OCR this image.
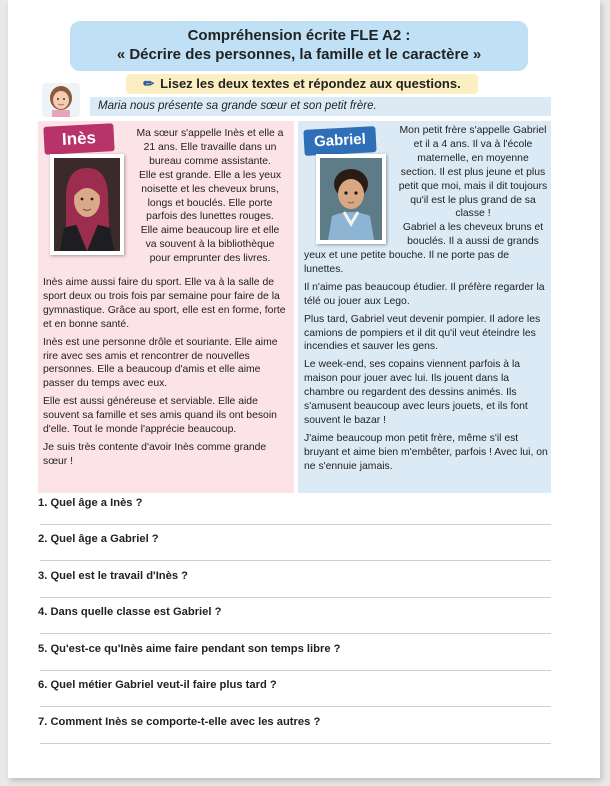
Compréhension écrite FLE A2 :
« Décrire des personnes, la famille et le caractère »
✏ Lisez les deux textes et répondez aux questions.
Maria nous présente sa grande sœur et son petit frère.
Inès	Ma sœur s'appelle Inès et elle a
21 ans. Elle travaille dans un
bureau comme assistante.
Elle est grande. Elle a les yeux
noisette et les cheveux bruns,
longs et bouclés. Elle porte
parfois des lunettes rouges.
Elle aime beaucoup lire et elle
va souvent à la bibliothèque
pour emprunter des livres.

Inès aime aussi faire du sport. Elle va à la salle de sport deux ou trois fois par semaine pour faire de la gymnastique. Grâce au sport, elle est en forme, forte et en bonne santé.

Inès est une personne drôle et souriante. Elle aime rire avec ses amis et rencontrer de nouvelles personnes. Elle a beaucoup d'amis et elle aime passer du temps avec eux.

Elle est aussi généreuse et serviable. Elle aide souvent sa famille et ses amis quand ils ont besoin d'elle. Tout le monde l'apprécie beaucoup.

Je suis très contente d'avoir Inès comme grande sœur !

Gabriel
Mon petit frère s'appelle Gabriel
et il a 4 ans. Il va à l'école
maternelle, en moyenne
section. Il est plus jeune et plus
petit que moi, mais il dit toujours
qu'il est le plus grand de sa
classe !
Gabriel a les cheveux bruns et
bouclés. Il a aussi de grands

yeux et une petite bouche. Il ne porte pas de lunettes.

Il n'aime pas beaucoup étudier. Il préfère regarder la télé ou jouer aux Lego.

Plus tard, Gabriel veut devenir pompier. Il adore les camions de pompiers et il dit qu'il veut éteindre les incendies et sauver les gens.

Le week-end, ses copains viennent parfois à la maison pour jouer avec lui. Ils jouent dans la chambre ou regardent des dessins animés. Ils s'amusent beaucoup avec leurs jouets, et ils font souvent le bazar !

J'aime beaucoup mon petit frère, même s'il est bruyant et aime bien m'embêter, parfois ! Avec lui, on ne s'ennuie jamais.

1. Quel âge a Inès ?
2. Quel âge a Gabriel ?
3. Quel est le travail d'Inès ?
4. Dans quelle classe est Gabriel ?
5. Qu'est-ce qu'Inès aime faire pendant son temps libre ?
6. Quel métier Gabriel veut-il faire plus tard ?
7. Comment Inès se comporte-t-elle avec les autres ?
